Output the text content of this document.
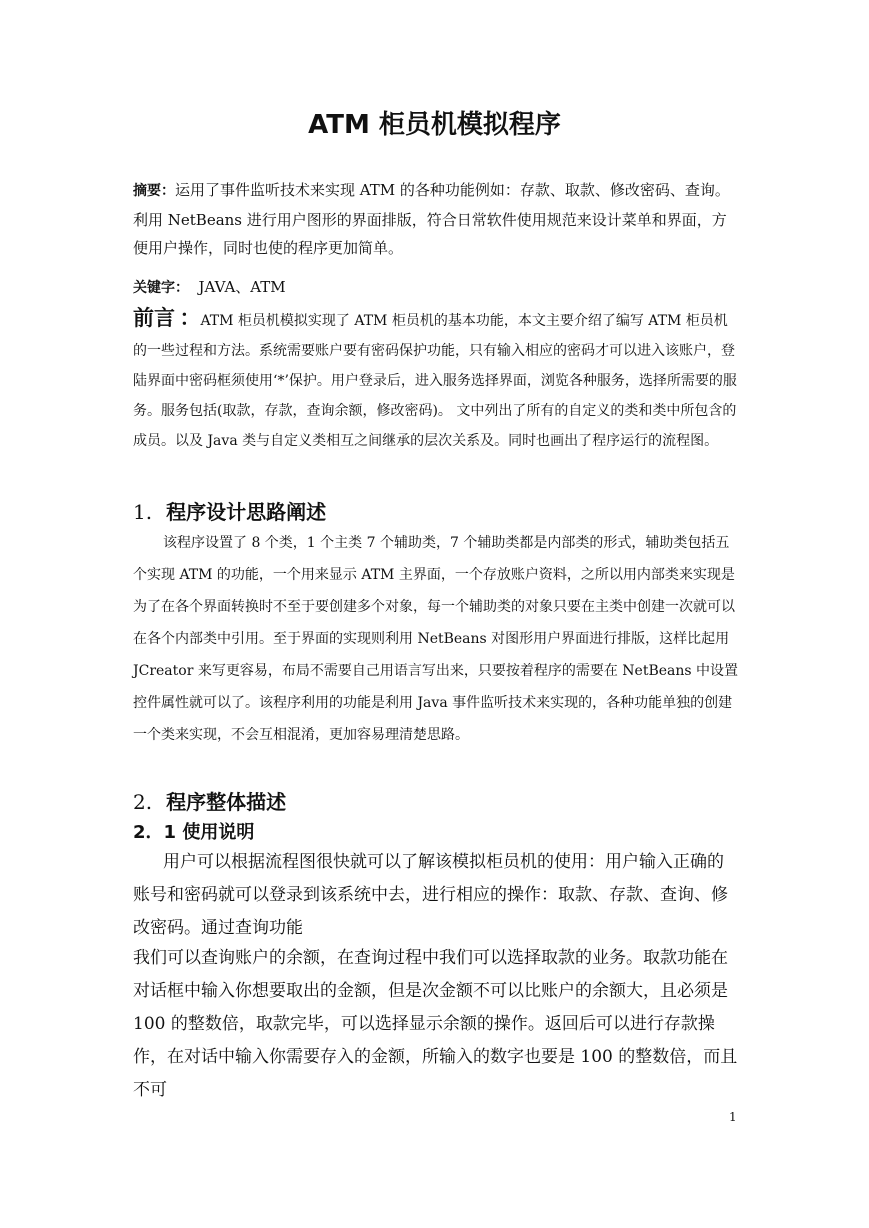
ATM 柜员机模拟程序
摘要：运用了事件监听技术来实现 ATM 的各种功能例如：存款、取款、修改密码、查询。利用 NetBeans 进行用户图形的界面排版，符合日常软件使用规范来设计菜单和界面，方便用户操作，同时也使的程序更加简单。
关键字： JAVA、ATM
前言 ：ATM 柜员机模拟实现了 ATM 柜员机的基本功能，本文主要介绍了编写 ATM 柜员机的一些过程和方法。系统需要账户要有密码保护功能，只有输入相应的密码才可以进入该账户，登陆界面中密码框须使用‘*’保护。用户登录后，进入服务选择界面，浏览各种服务，选择所需要的服务。服务包括(取款，存款，查询余额，修改密码)。 文中列出了所有的自定义的类和类中所包含的成员。以及 Java 类与自定义类相互之间继承的层次关系及。同时也画出了程序运行的流程图。
1. 程序设计思路阐述
该程序设置了 8 个类，1 个主类 7 个辅助类，7 个辅助类都是内部类的形式，辅助类包括五个实现 ATM 的功能，一个用来显示 ATM 主界面，一个存放账户资料，之所以用内部类来实现是为了在各个界面转换时不至于要创建多个对象，每一个辅助类的对象只要在主类中创建一次就可以在各个内部类中引用。至于界面的实现则利用 NetBeans 对图形用户界面进行排版，这样比起用 JCreator 来写更容易，布局不需要自己用语言写出来，只要按着程序的需要在 NetBeans 中设置控件属性就可以了。该程序利用的功能是利用 Java 事件监听技术来实现的，各种功能单独的创建一个类来实现，不会互相混淆，更加容易理清楚思路。
2. 程序整体描述
2．1 使用说明
用户可以根据流程图很快就可以了解该模拟柜员机的使用：用户输入正确的账号和密码就可以登录到该系统中去，进行相应的操作：取款、存款、查询、修改密码。通过查询功能
我们可以查询账户的余额，在查询过程中我们可以选择取款的业务。取款功能在对话框中输入你想要取出的金额，但是次金额不可以比账户的余额大，且必须是 100 的整数倍，取款完毕，可以选择显示余额的操作。返回后可以进行存款操作，在对话中输入你需要存入的金额，所输入的数字也要是 100 的整数倍，而且不可
1
